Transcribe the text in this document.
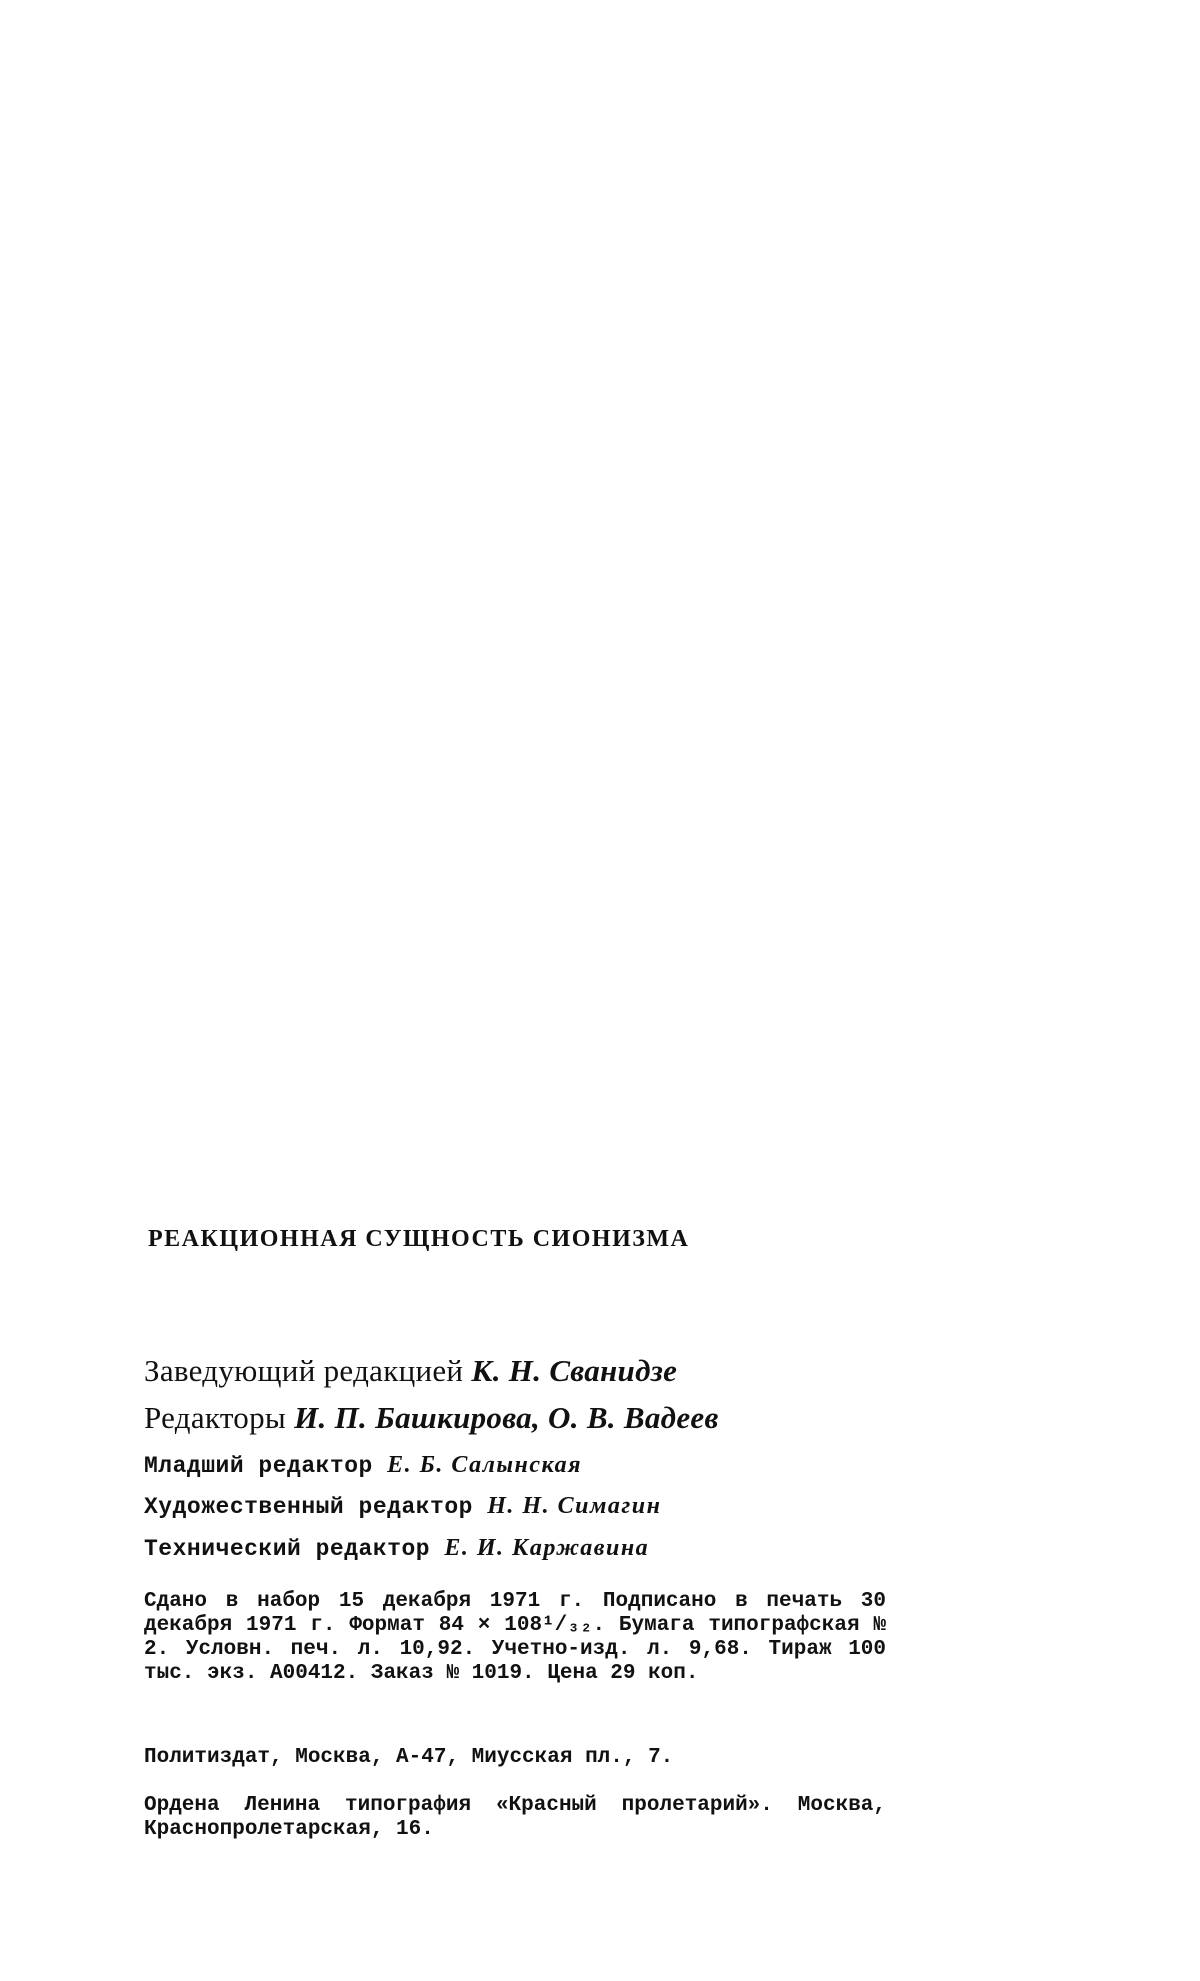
РЕАКЦИОННАЯ СУЩНОСТЬ СИОНИЗМА
Заведующий редакцией К. Н. Сванидзе
Редакторы И. П. Башкирова, О. В. Вадеев
Младший редактор Е. Б. Салынская
Художественный редактор Н. Н. Симагин
Технический редактор Е. И. Каржавина
Сдано в набор 15 декабря 1971 г. Подписано в печать 30 декабря 1971 г. Формат 84 × 108¹/₃₂. Бумага типографская № 2. Условн. печ. л. 10,92. Учетно-изд. л. 9,68. Тираж 100 тыс. экз. А00412. Заказ № 1019. Цена 29 коп.
Политиздат, Москва, А-47, Миусская пл., 7.
Ордена Ленина типография «Красный пролетарий». Москва, Краснопролетарская, 16.
